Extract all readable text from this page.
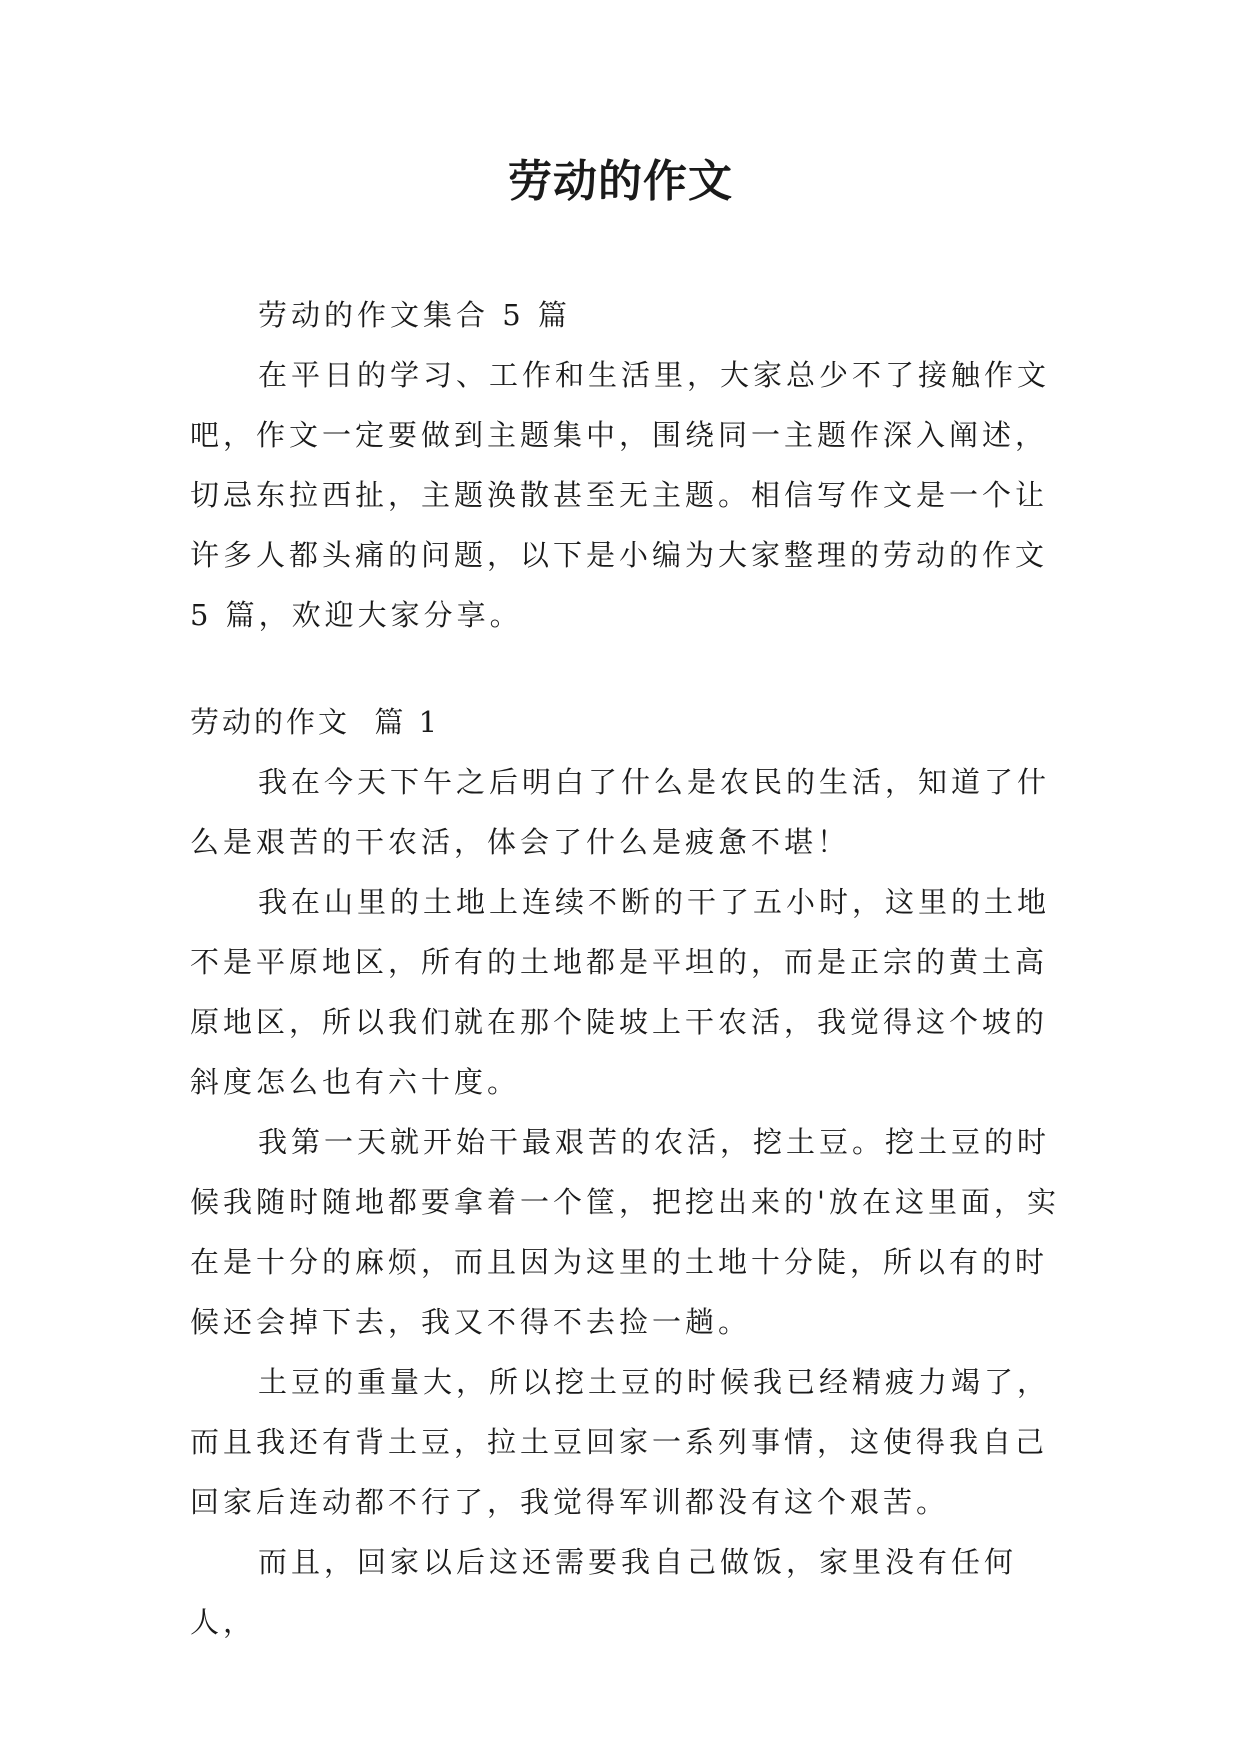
劳动的作文

劳动的作文集合 5 篇

在平日的学习、工作和生活里，大家总少不了接触作文吧，作文一定要做到主题集中，围绕同一主题作深入阐述，切忌东拉西扯，主题涣散甚至无主题。相信写作文是一个让许多人都头痛的问题，以下是小编为大家整理的劳动的作文 5 篇，欢迎大家分享。

劳动的作文  篇 1

我在今天下午之后明白了什么是农民的生活，知道了什么是艰苦的干农活，体会了什么是疲惫不堪！

我在山里的土地上连续不断的干了五小时，这里的土地不是平原地区，所有的土地都是平坦的，而是正宗的黄土高原地区，所以我们就在那个陡坡上干农活，我觉得这个坡的斜度怎么也有六十度。

我第一天就开始干最艰苦的农活，挖土豆。挖土豆的时候我随时随地都要拿着一个筐，把挖出来的'放在这里面，实在是十分的麻烦，而且因为这里的土地十分陡，所以有的时候还会掉下去，我又不得不去捡一趟。

土豆的重量大，所以挖土豆的时候我已经精疲力竭了，而且我还有背土豆，拉土豆回家一系列事情，这使得我自己回家后连动都不行了，我觉得军训都没有这个艰苦。

而且，回家以后这还需要我自己做饭，家里没有任何人，
